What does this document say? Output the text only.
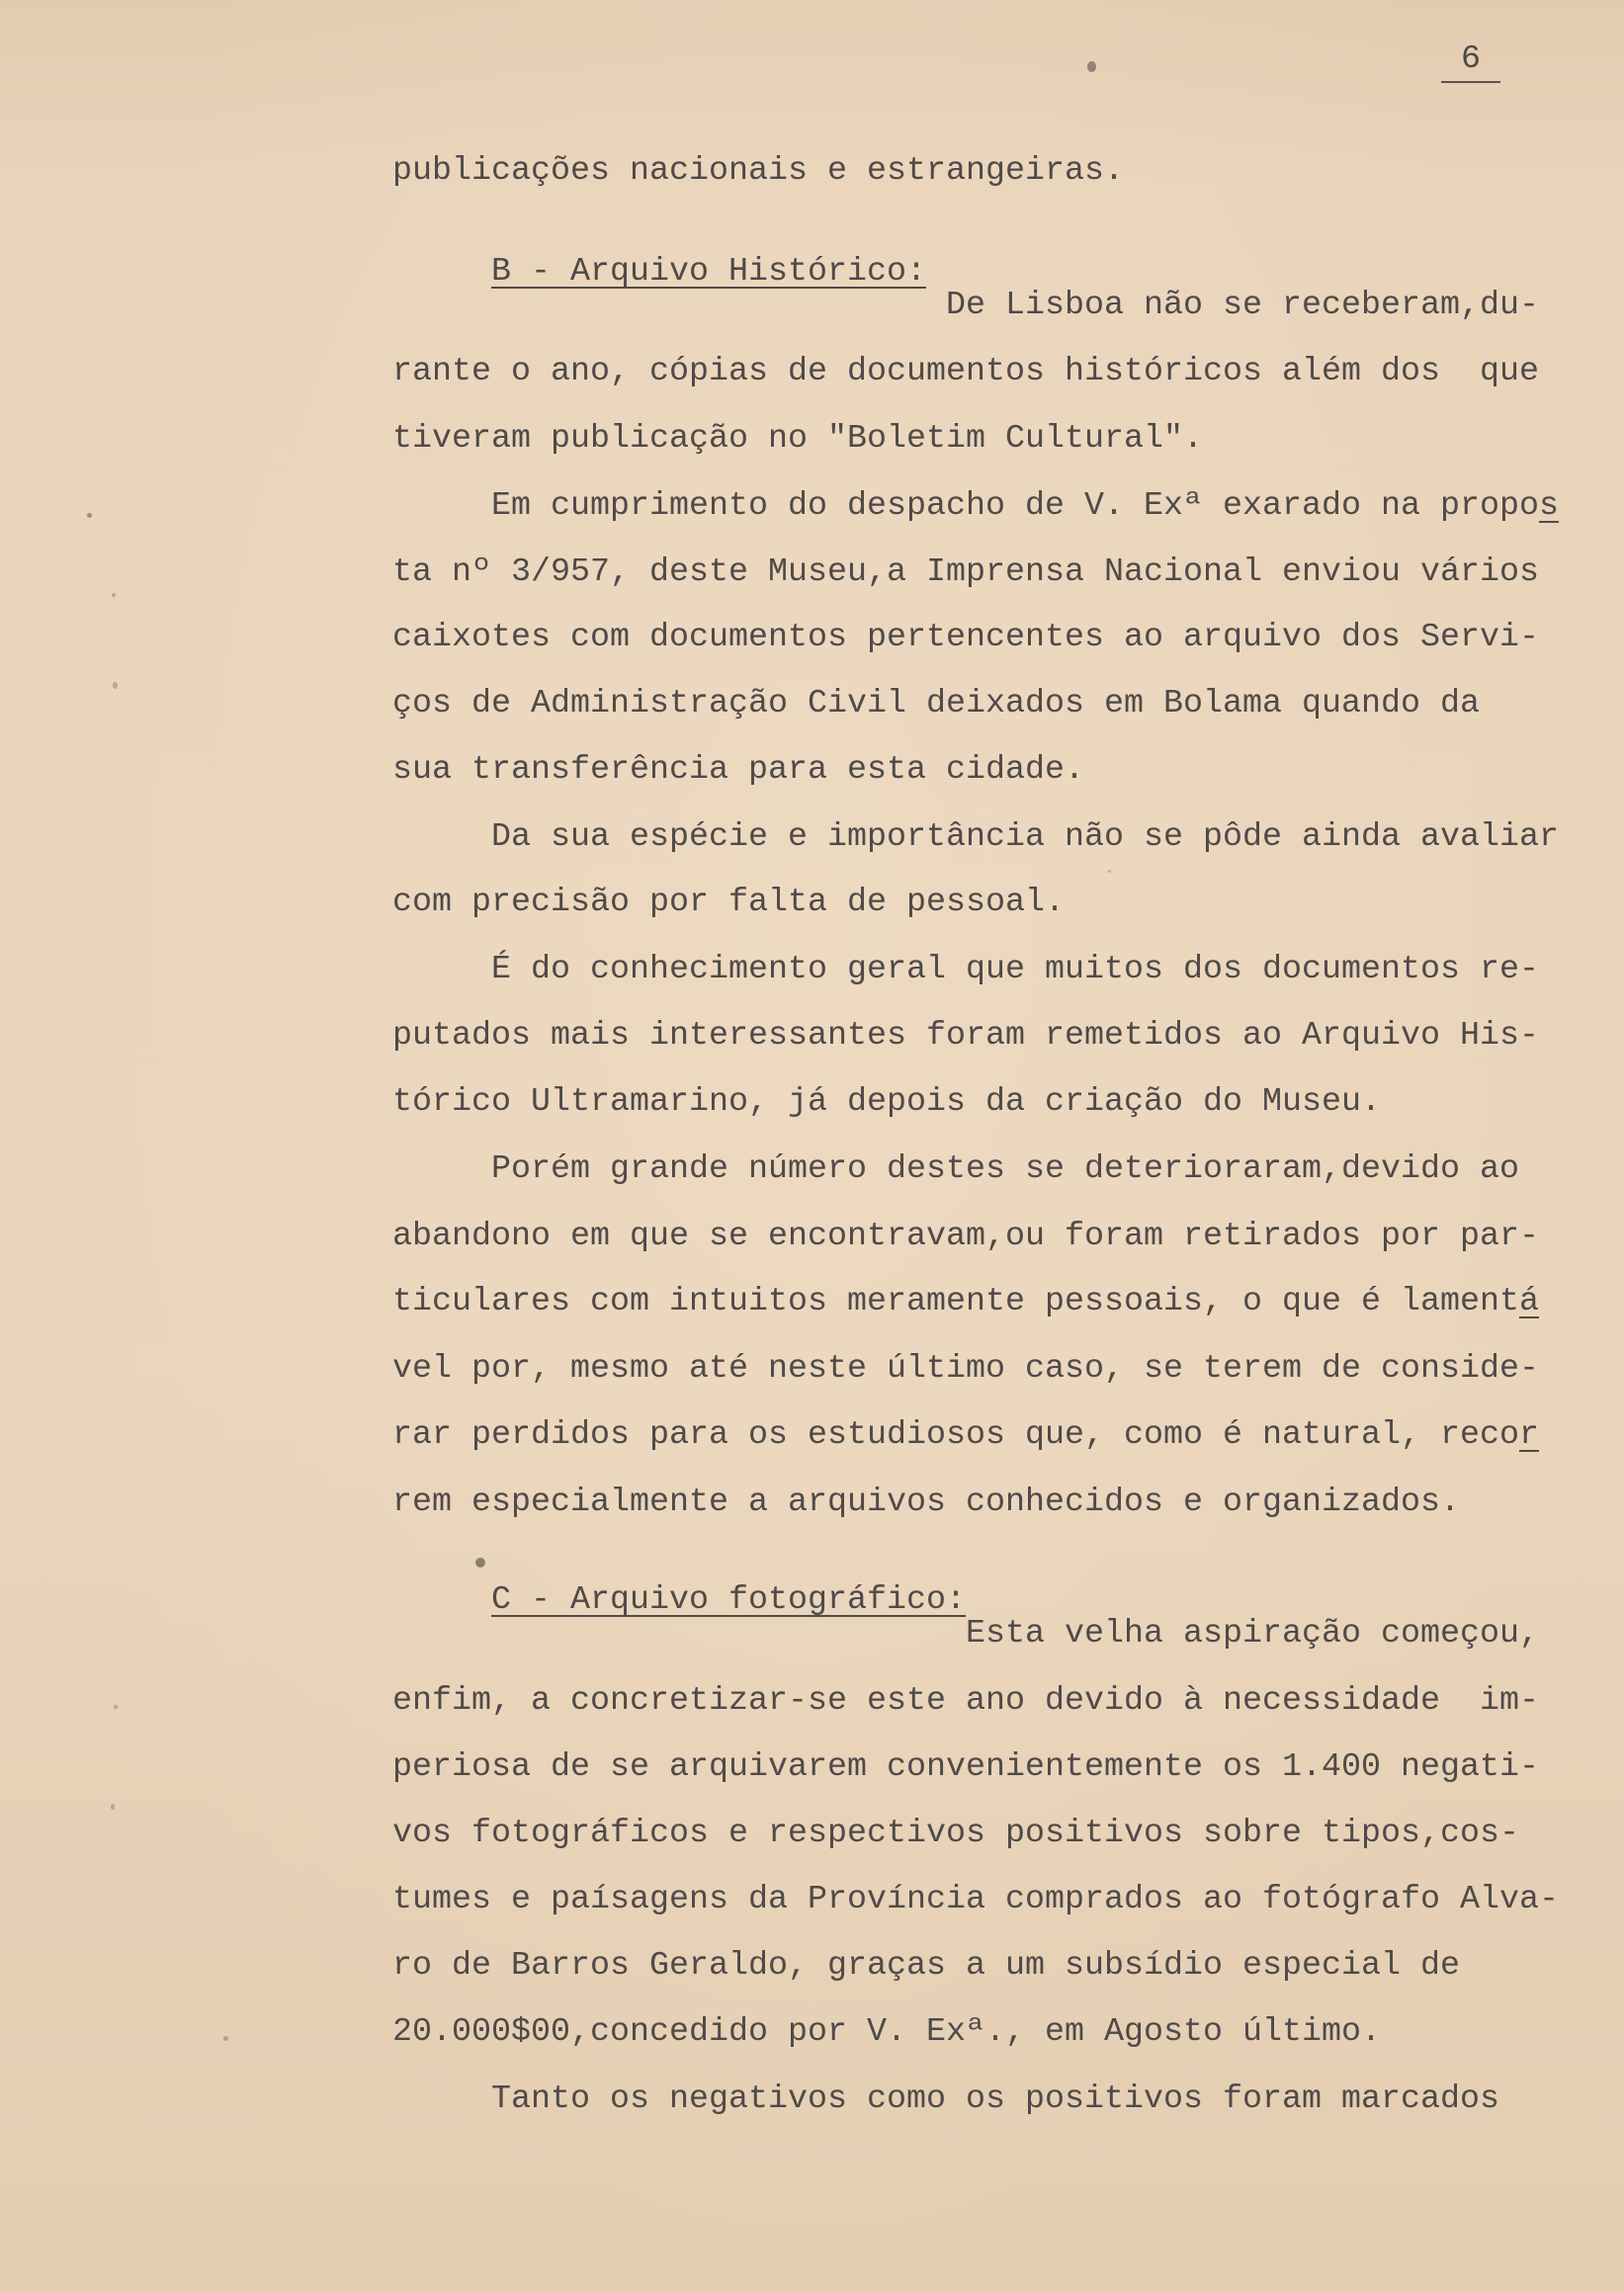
6
publicações nacionais e estrangeiras.
B - Arquivo Histórico:
De Lisboa não se receberam,du-
rante o ano, cópias de documentos históricos além dos  que
tiveram publicação no "Boletim Cultural".
Em cumprimento do despacho de V. Exª exarado na propos
ta nº 3/957, deste Museu,a Imprensa Nacional enviou vários
caixotes com documentos pertencentes ao arquivo dos Servi-
ços de Administração Civil deixados em Bolama quando da
sua transferência para esta cidade.
Da sua espécie e importância não se pôde ainda avaliar
com precisão por falta de pessoal.
É do conhecimento geral que muitos dos documentos re-
putados mais interessantes foram remetidos ao Arquivo His-
tórico Ultramarino, já depois da criação do Museu.
Porém grande número destes se deterioraram,devido ao
abandono em que se encontravam,ou foram retirados por par-
ticulares com intuitos meramente pessoais, o que é lamentá
vel por, mesmo até neste último caso, se terem de conside-
rar perdidos para os estudiosos que, como é natural, recor
rem especialmente a arquivos conhecidos e organizados.
C - Arquivo fotográfico:
Esta velha aspiração começou,
enfim, a concretizar-se este ano devido à necessidade  im-
periosa de se arquivarem convenientemente os 1.400 negati-
vos fotográficos e respectivos positivos sobre tipos,cos-
tumes e paísagens da Província comprados ao fotógrafo Alva-
ro de Barros Geraldo, graças a um subsídio especial de
20.000$00,concedido por V. Exª., em Agosto último.
Tanto os negativos como os positivos foram marcados
